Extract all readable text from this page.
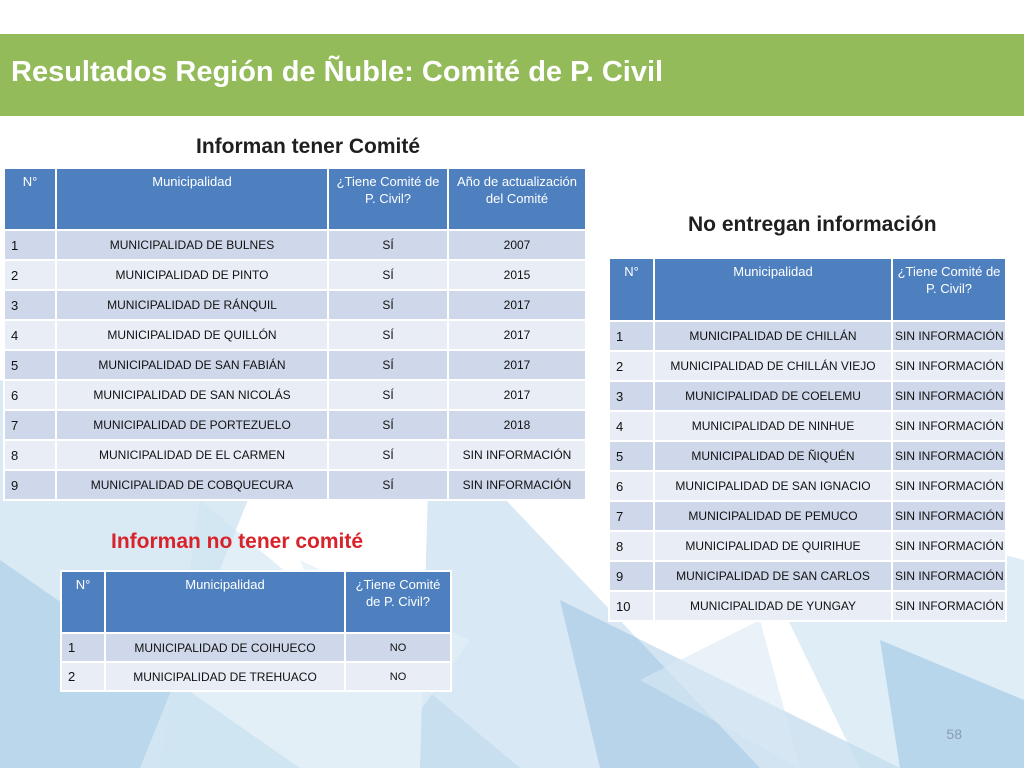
Resultados Región de Ñuble: Comité de P. Civil
Informan tener Comité
N°	Municipalidad	¿Tiene Comité de P. Civil?	Año de actualización del Comité
1	MUNICIPALIDAD DE BULNES	SÍ	2007
2	MUNICIPALIDAD DE PINTO	SÍ	2015
3	MUNICIPALIDAD DE RÁNQUIL	SÍ	2017
4	MUNICIPALIDAD DE QUILLÓN	SÍ	2017
5	MUNICIPALIDAD DE SAN FABIÁN	SÍ	2017
6	MUNICIPALIDAD DE SAN NICOLÁS	SÍ	2017
7	MUNICIPALIDAD DE PORTEZUELO	SÍ	2018
8	MUNICIPALIDAD DE EL CARMEN	SÍ	SIN INFORMACIÓN
9	MUNICIPALIDAD DE COBQUECURA	SÍ	SIN INFORMACIÓN
Informan no tener comité
N°	Municipalidad	¿Tiene Comité de P. Civil?
1	MUNICIPALIDAD DE COIHUECO	NO
2	MUNICIPALIDAD DE TREHUACO	NO
No entregan información
N°	Municipalidad	¿Tiene Comité de P. Civil?
1	MUNICIPALIDAD DE CHILLÁN	SIN INFORMACIÓN
2	MUNICIPALIDAD DE CHILLÁN VIEJO	SIN INFORMACIÓN
3	MUNICIPALIDAD DE COELEMU	SIN INFORMACIÓN
4	MUNICIPALIDAD DE NINHUE	SIN INFORMACIÓN
5	MUNICIPALIDAD DE ÑIQUÉN	SIN INFORMACIÓN
6	MUNICIPALIDAD DE SAN IGNACIO	SIN INFORMACIÓN
7	MUNICIPALIDAD DE PEMUCO	SIN INFORMACIÓN
8	MUNICIPALIDAD DE QUIRIHUE	SIN INFORMACIÓN
9	MUNICIPALIDAD DE SAN CARLOS	SIN INFORMACIÓN
10	MUNICIPALIDAD DE YUNGAY	SIN INFORMACIÓN
58
